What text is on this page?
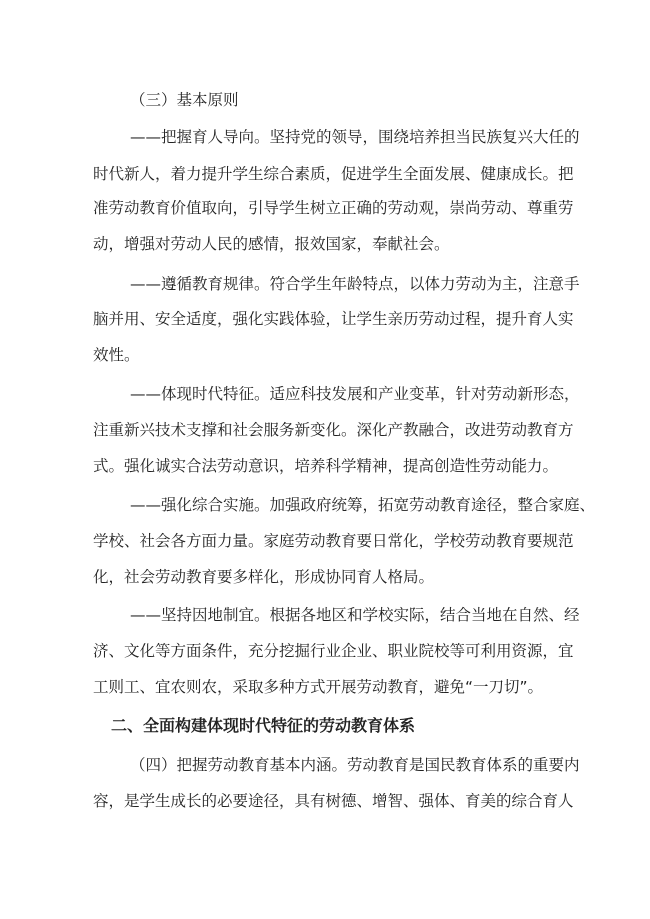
（三）基本原则
——把握育人导向。坚持党的领导，围绕培养担当民族复兴大任的
时代新人，着力提升学生综合素质，促进学生全面发展、健康成长。把
准劳动教育价值取向，引导学生树立正确的劳动观，崇尚劳动、尊重劳
动，增强对劳动人民的感情，报效国家，奉献社会。
——遵循教育规律。符合学生年龄特点，以体力劳动为主，注意手
脑并用、安全适度，强化实践体验，让学生亲历劳动过程，提升育人实
效性。
——体现时代特征。适应科技发展和产业变革，针对劳动新形态，
注重新兴技术支撑和社会服务新变化。深化产教融合，改进劳动教育方
式。强化诚实合法劳动意识，培养科学精神，提高创造性劳动能力。
——强化综合实施。加强政府统筹，拓宽劳动教育途径，整合家庭、
学校、社会各方面力量。家庭劳动教育要日常化，学校劳动教育要规范
化，社会劳动教育要多样化，形成协同育人格局。
——坚持因地制宜。根据各地区和学校实际，结合当地在自然、经
济、文化等方面条件，充分挖掘行业企业、职业院校等可利用资源，宜
工则工、宜农则农，采取多种方式开展劳动教育，避免“一刀切”。
二、全面构建体现时代特征的劳动教育体系
（四）把握劳动教育基本内涵。劳动教育是国民教育体系的重要内
容，是学生成长的必要途径，具有树德、增智、强体、育美的综合育人
